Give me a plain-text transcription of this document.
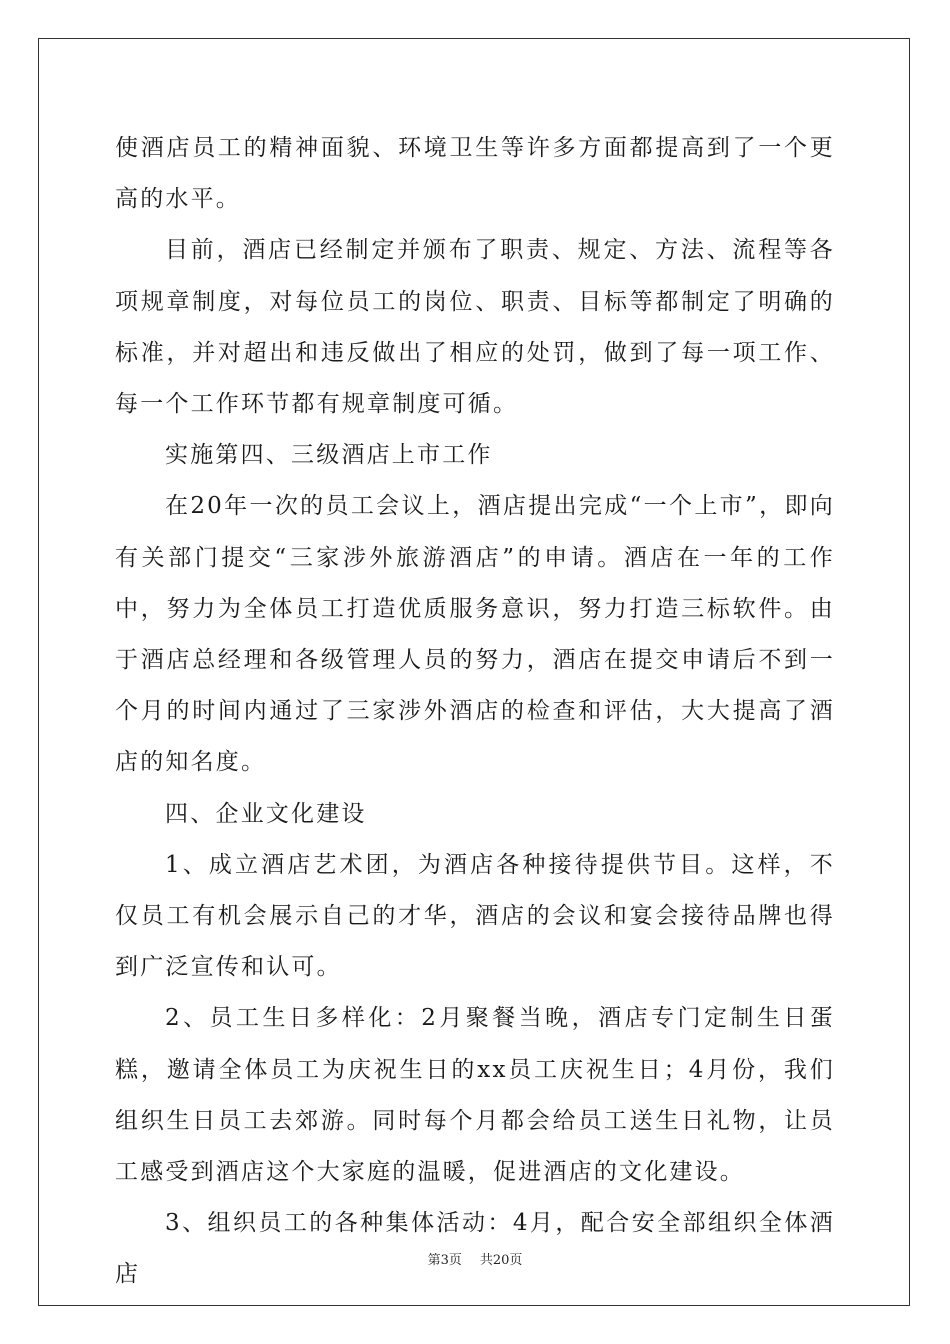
使酒店员工的精神面貌、环境卫生等许多方面都提高到了一个更高的水平。

目前，酒店已经制定并颁布了职责、规定、方法、流程等各项规章制度，对每位员工的岗位、职责、目标等都制定了明确的标准，并对超出和违反做出了相应的处罚，做到了每一项工作、每一个工作环节都有规章制度可循。

实施第四、三级酒店上市工作

在20年一次的员工会议上，酒店提出完成“一个上市”，即向有关部门提交“三家涉外旅游酒店”的申请。酒店在一年的工作中，努力为全体员工打造优质服务意识，努力打造三标软件。由于酒店总经理和各级管理人员的努力，酒店在提交申请后不到一个月的时间内通过了三家涉外酒店的检查和评估，大大提高了酒店的知名度。

四、企业文化建设

1、成立酒店艺术团，为酒店各种接待提供节目。这样，不仅员工有机会展示自己的才华，酒店的会议和宴会接待品牌也得到广泛宣传和认可。

2、员工生日多样化：2月聚餐当晚，酒店专门定制生日蛋糕，邀请全体员工为庆祝生日的xx员工庆祝生日；4月份，我们组织生日员工去郊游。同时每个月都会给员工送生日礼物，让员工感受到酒店这个大家庭的温暖，促进酒店的文化建设。

3、组织员工的各种集体活动：4月，配合安全部组织全体酒店

第3页 共20页
